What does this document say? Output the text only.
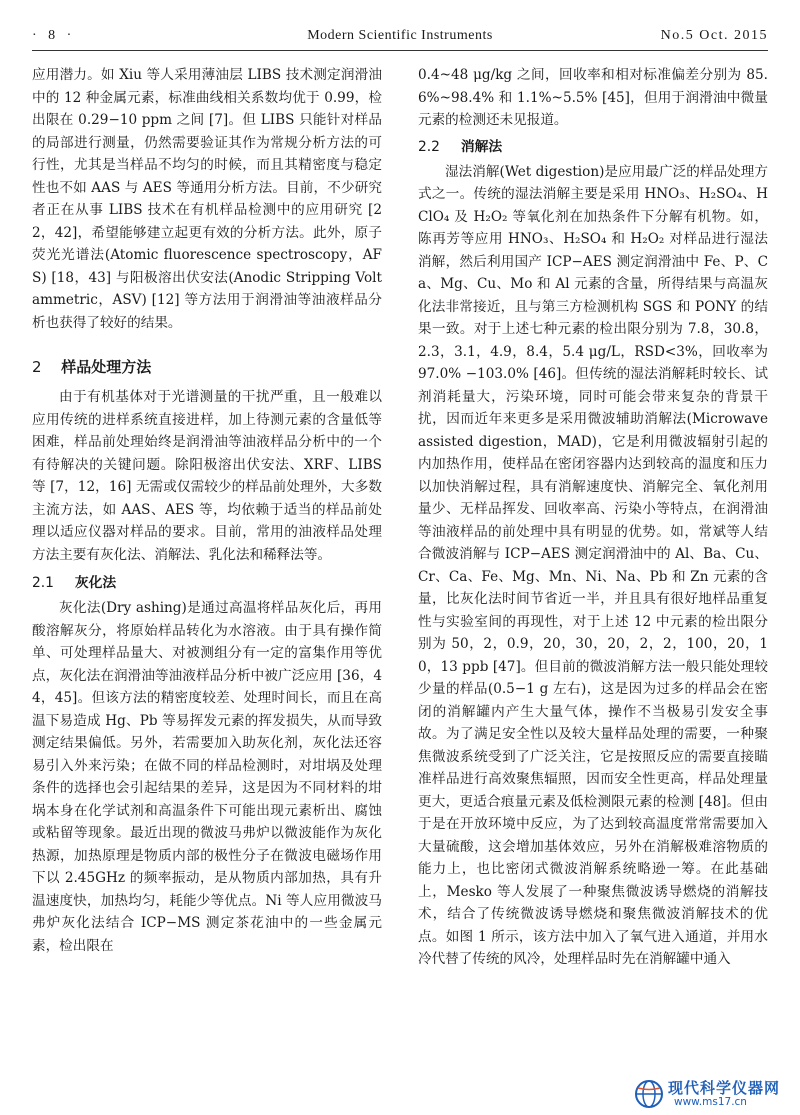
· 8 ·	Modern Scientific Instruments	No.5 Oct. 2015

应用潜力。如 Xiu 等人采用薄油层 LIBS 技术测定润滑油中的 12 种金属元素，标准曲线相关系数均优于 0.99，检出限在 0.29−10 ppm 之间 [7]。但 LIBS 只能针对样品的局部进行测量，仍然需要验证其作为常规分析方法的可行性，尤其是当样品不均匀的时候，而且其精密度与稳定性也不如 AAS 与 AES 等通用分析方法。目前，不少研究者正在从事 LIBS 技术在有机样品检测中的应用研究 [22，42]，希望能够建立起更有效的分析方法。此外，原子荧光光谱法(Atomic fluorescence spectroscopy，AFS) [18，43] 与阳极溶出伏安法(Anodic Stripping Voltammetric，ASV) [12] 等方法用于润滑油等油液样品分析也获得了较好的结果。

2 样品处理方法

由于有机基体对于光谱测量的干扰严重，且一般难以应用传统的进样系统直接进样，加上待测元素的含量低等困难，样品前处理始终是润滑油等油液样品分析中的一个有待解决的关键问题。除阳极溶出伏安法、XRF、LIBS 等 [7，12，16] 无需或仅需较少的样品前处理外，大多数主流方法，如 AAS、AES 等，均依赖于适当的样品前处理以适应仪器对样品的要求。目前，常用的油液样品处理方法主要有灰化法、消解法、乳化法和稀释法等。

2.1 灰化法

灰化法(Dry ashing)是通过高温将样品灰化后，再用酸溶解灰分，将原始样品转化为水溶液。由于具有操作简单、可处理样品量大、对被测组分有一定的富集作用等优点，灰化法在润滑油等油液样品分析中被广泛应用 [36，44，45]。但该方法的精密度较差、处理时间长，而且在高温下易造成 Hg、Pb 等易挥发元素的挥发损失，从而导致测定结果偏低。另外，若需要加入助灰化剂，灰化法还容易引入外来污染；在做不同的样品检测时，对坩埚及处理条件的选择也会引起结果的差异，这是因为不同材料的坩埚本身在化学试剂和高温条件下可能出现元素析出、腐蚀或粘留等现象。最近出现的微波马弗炉以微波能作为灰化热源，加热原理是物质内部的极性分子在微波电磁场作用下以 2.45GHz 的频率振动，是从物质内部加热，具有升温速度快，加热均匀，耗能少等优点。Ni 等人应用微波马弗炉灰化法结合 ICP−MS 测定茶花油中的一些金属元素，检出限在

0.4~48 μg/kg 之间，回收率和相对标准偏差分别为 85.6%~98.4% 和 1.1%~5.5% [45]，但用于润滑油中微量元素的检测还未见报道。

2.2 消解法

湿法消解(Wet digestion)是应用最广泛的样品处理方式之一。传统的湿法消解主要是采用 HNO₃、H₂SO₄、HClO₄ 及 H₂O₂ 等氧化剂在加热条件下分解有机物。如，陈再芳等应用 HNO₃、H₂SO₄ 和 H₂O₂ 对样品进行湿法消解，然后利用国产 ICP−AES 测定润滑油中 Fe、P、Ca、Mg、Cu、Mo 和 Al 元素的含量，所得结果与高温灰化法非常接近，且与第三方检测机构 SGS 和 PONY 的结果一致。对于上述七种元素的检出限分别为 7.8，30.8，2.3，3.1，4.9，8.4，5.4 μg/L，RSD<3%，回收率为 97.0% −103.0% [46]。但传统的湿法消解耗时较长、试剂消耗量大，污染环境，同时可能会带来复杂的背景干扰，因而近年来更多是采用微波辅助消解法(Microwave assisted digestion，MAD)，它是利用微波辐射引起的内加热作用，使样品在密闭容器内达到较高的温度和压力以加快消解过程，具有消解速度快、消解完全、氧化剂用量少、无样品挥发、回收率高、污染小等特点，在润滑油等油液样品的前处理中具有明显的优势。如，常斌等人结合微波消解与 ICP−AES 测定润滑油中的 Al、Ba、Cu、Cr、Ca、Fe、Mg、Mn、Ni、Na、Pb 和 Zn 元素的含量，比灰化法时间节省近一半，并且具有很好地样品重复性与实验室间的再现性，对于上述 12 中元素的检出限分别为 50，2，0.9，20，30，20，2，2，100，20，10，13 ppb [47]。但目前的微波消解方法一般只能处理较少量的样品(0.5−1 g 左右)，这是因为过多的样品会在密闭的消解罐内产生大量气体，操作不当极易引发安全事故。为了满足安全性以及较大量样品处理的需要，一种聚焦微波系统受到了广泛关注，它是按照反应的需要直接瞄准样品进行高效聚焦辐照，因而安全性更高，样品处理量更大，更适合痕量元素及低检测限元素的检测 [48]。但由于是在开放环境中反应，为了达到较高温度常常需要加入大量硫酸，这会增加基体效应，另外在消解极难溶物质的能力上，也比密闭式微波消解系统略逊一筹。在此基础上，Mesko 等人发展了一种聚焦微波诱导燃烧的消解技术，结合了传统微波诱导燃烧和聚焦微波消解技术的优点。如图 1 所示，该方法中加入了氧气进入通道，并用水冷代替了传统的风冷，处理样品时先在消解罐中通入

现代科学仪器网
www.ms17.cn
